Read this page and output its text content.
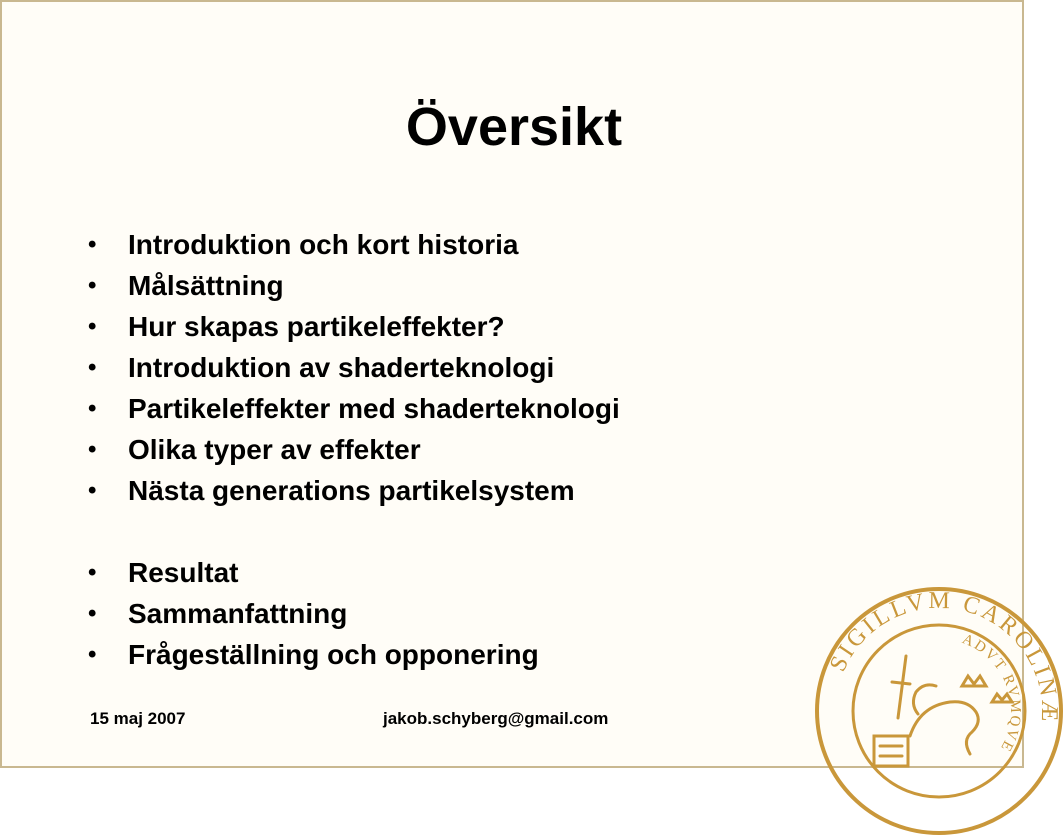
Översikt
•	Introduktion och kort historia
•	Målsättning
•	Hur skapas partikeleffekter?
•	Introduktion av shaderteknologi
•	Partikeleffekter med shaderteknologi
•	Olika typer av effekter
•	Nästa generations partikelsystem
•	Resultat
•	Sammanfattning
•	Frågeställning och opponering
15 maj 2007	jakob.schyberg@gmail.com
SIGILLVM CAROLINÆ
ADVT RVMQVE
